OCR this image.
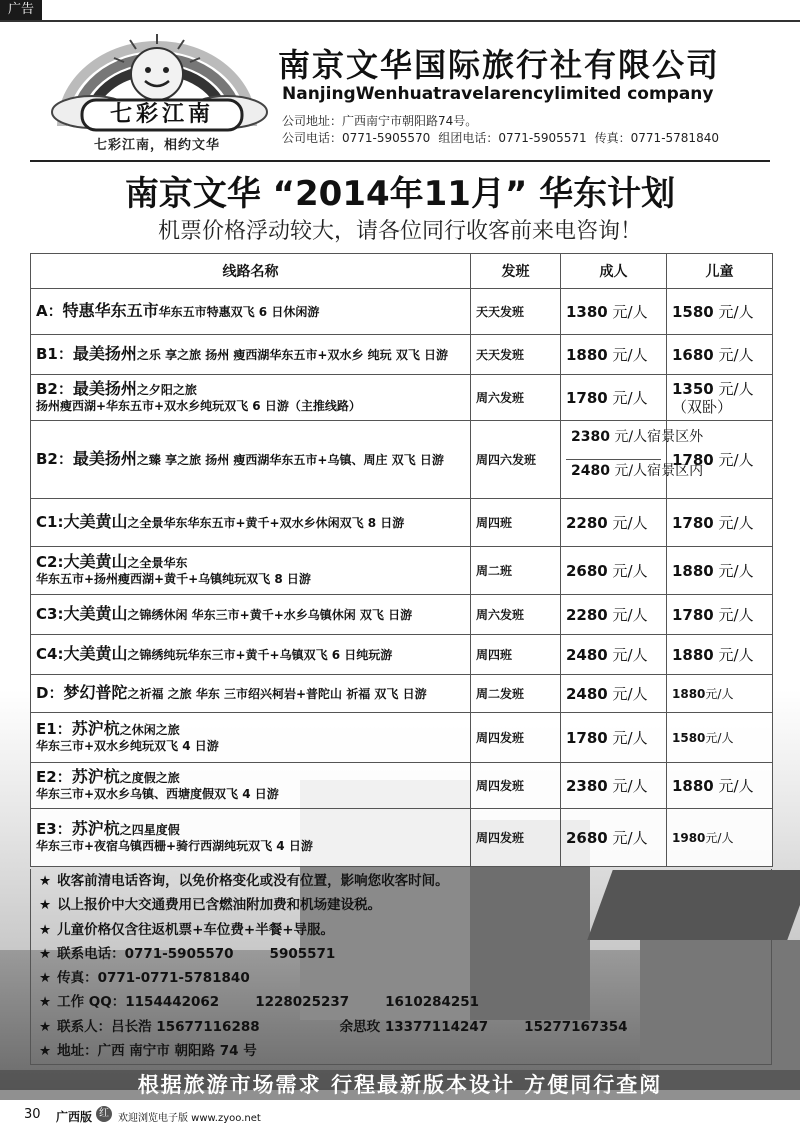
广告
七彩江南
七彩江南，相约文华
南京文华国际旅行社有限公司
NanjingWenhuatravelarencylimited company
公司地址：广西南宁市朝阳路74号。
公司电话：0771-5905570 组团电话：0771-5905571 传真：0771-5781840
南京文华 “2014年11月” 华东计划
机票价格浮动较大，请各位同行收客前来电咨询！
线路名称	发班	成人	儿童
A：特惠华东五市华东五市特惠双飞 6 日休闲游	天天发班	1380 元/人	1580 元/人
B1：最美扬州之乐 享之旅 扬州 瘦西湖华东五市+双水乡 纯玩 双飞 日游	天天发班	1880 元/人	1680 元/人
B2：最美扬州之夕阳之旅
扬州瘦西湖+华东五市+双水乡纯玩双飞 6 日游（主推线路）	周六发班	1780 元/人	1350 元/人
（双卧）
B2：最美扬州之臻 享之旅 扬州 瘦西湖华东五市+乌镇、周庄 双飞 日游	周四六发班	2380 元/人宿景区外
2480 元/人宿景区内	1780 元/人
C1:大美黄山之全景华东华东五市+黄千+双水乡休闲双飞 8 日游	周四班	2280 元/人	1780 元/人
C2:大美黄山之全景华东
华东五市+扬州瘦西湖+黄千+乌镇纯玩双飞 8 日游	周二班	2680 元/人	1880 元/人
C3:大美黄山之锦绣休闲 华东三市+黄千+水乡乌镇休闲 双飞 日游	周六发班	2280 元/人	1780 元/人
C4:大美黄山之锦绣纯玩华东三市+黄千+乌镇双飞 6 日纯玩游	周四班	2480 元/人	1880 元/人
D：梦幻普陀之祈福 之旅 华东 三市绍兴柯岩+普陀山 祈福 双飞 日游	周二发班	2480 元/人	1880元/人
E1：苏沪杭之休闲之旅
华东三市+双水乡纯玩双飞 4 日游	周四发班	1780 元/人	1580元/人
E2：苏沪杭之度假之旅
华东三市+双水乡乌镇、西塘度假双飞 4 日游	周四发班	2380 元/人	1880 元/人
E3：苏沪杭之四星度假
华东三市+夜宿乌镇西栅+骑行西湖纯玩双飞 4 日游	周四发班	2680 元/人	1980元/人
★ 收客前清电话咨询，以免价格变化或没有位置，影响您收客时间。
★ 以上报价中大交通费用已含燃油附加费和机场建设税。
★ 儿童价格仅含往返机票+车位费+半餐+导服。
★ 联系电话：0771-5905570	5905571
★ 传真：0771-0771-5781840
★ 工作 QQ：1154442062	1228025237	1610284251
★ 联系人：吕长浩 15677116288	余思玫 13377114247	15277167354
★ 地址：广西 南宁市 朝阳路 74 号
根据旅游市场需求 行程最新版本设计 方便同行查阅
30 广西版 红 欢迎浏览电子版 www.zyoo.net
